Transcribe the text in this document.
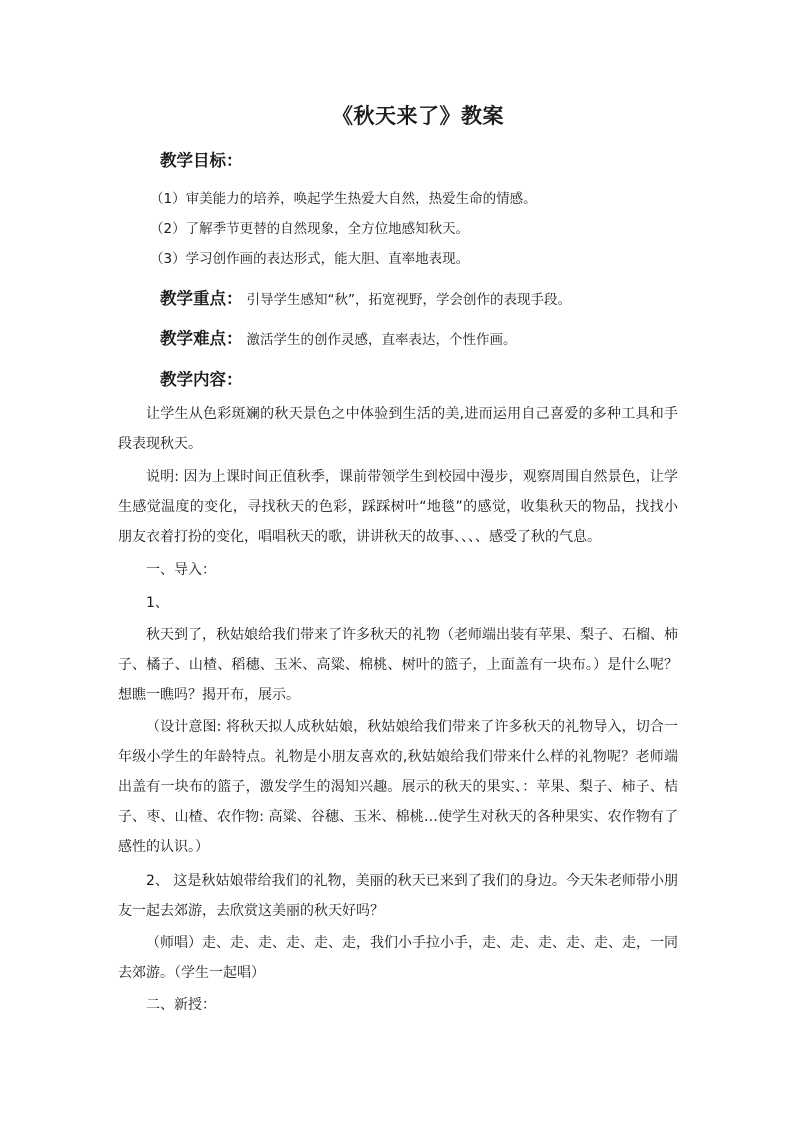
《秋天来了》教案
教学目标：
（1）审美能力的培养，唤起学生热爱大自然，热爱生命的情感。
（2）了解季节更替的自然现象，全方位地感知秋天。
（3）学习创作画的表达形式，能大胆、直率地表现。
教学重点： 引导学生感知“秋”，拓宽视野，学会创作的表现手段。
教学难点： 激活学生的创作灵感，直率表达，个性作画。
教学内容：

让学生从色彩斑斓的秋天景色之中体验到生活的美,进而运用自己喜爱的多种工具和手段表现秋天。

说明: 因为上课时间正值秋季，课前带领学生到校园中漫步，观察周围自然景色，让学生感觉温度的变化，寻找秋天的色彩，踩踩树叶“地毯”的感觉，收集秋天的物品，找找小朋友衣着打扮的变化，唱唱秋天的歌，讲讲秋天的故事、、、、感受了秋的气息。

一、导入：

1、

秋天到了，秋姑娘给我们带来了许多秋天的礼物（老师端出装有苹果、梨子、石榴、柿子、橘子、山楂、稻穗、玉米、高粱、棉桃、树叶的篮子，上面盖有一块布。）是什么呢？想瞧一瞧吗？揭开布，展示。

（设计意图: 将秋天拟人成秋姑娘，秋姑娘给我们带来了许多秋天的礼物导入，切合一年级小学生的年龄特点。礼物是小朋友喜欢的,秋姑娘给我们带来什么样的礼物呢？老师端出盖有一块布的篮子，激发学生的渴知兴趣。展示的秋天的果实、：苹果、梨子、柿子、桔子、枣、山楂、农作物: 高粱、谷穗、玉米、棉桃…使学生对秋天的各种果实、农作物有了感性的认识。）

2、 这是秋姑娘带给我们的礼物，美丽的秋天已来到了我们的身边。今天朱老师带小朋友一起去郊游，去欣赏这美丽的秋天好吗？

（师唱）走、走、走、走、走、走，我们小手拉小手，走、走、走、走、走、走，一同去郊游。（学生一起唱）

二、新授：
